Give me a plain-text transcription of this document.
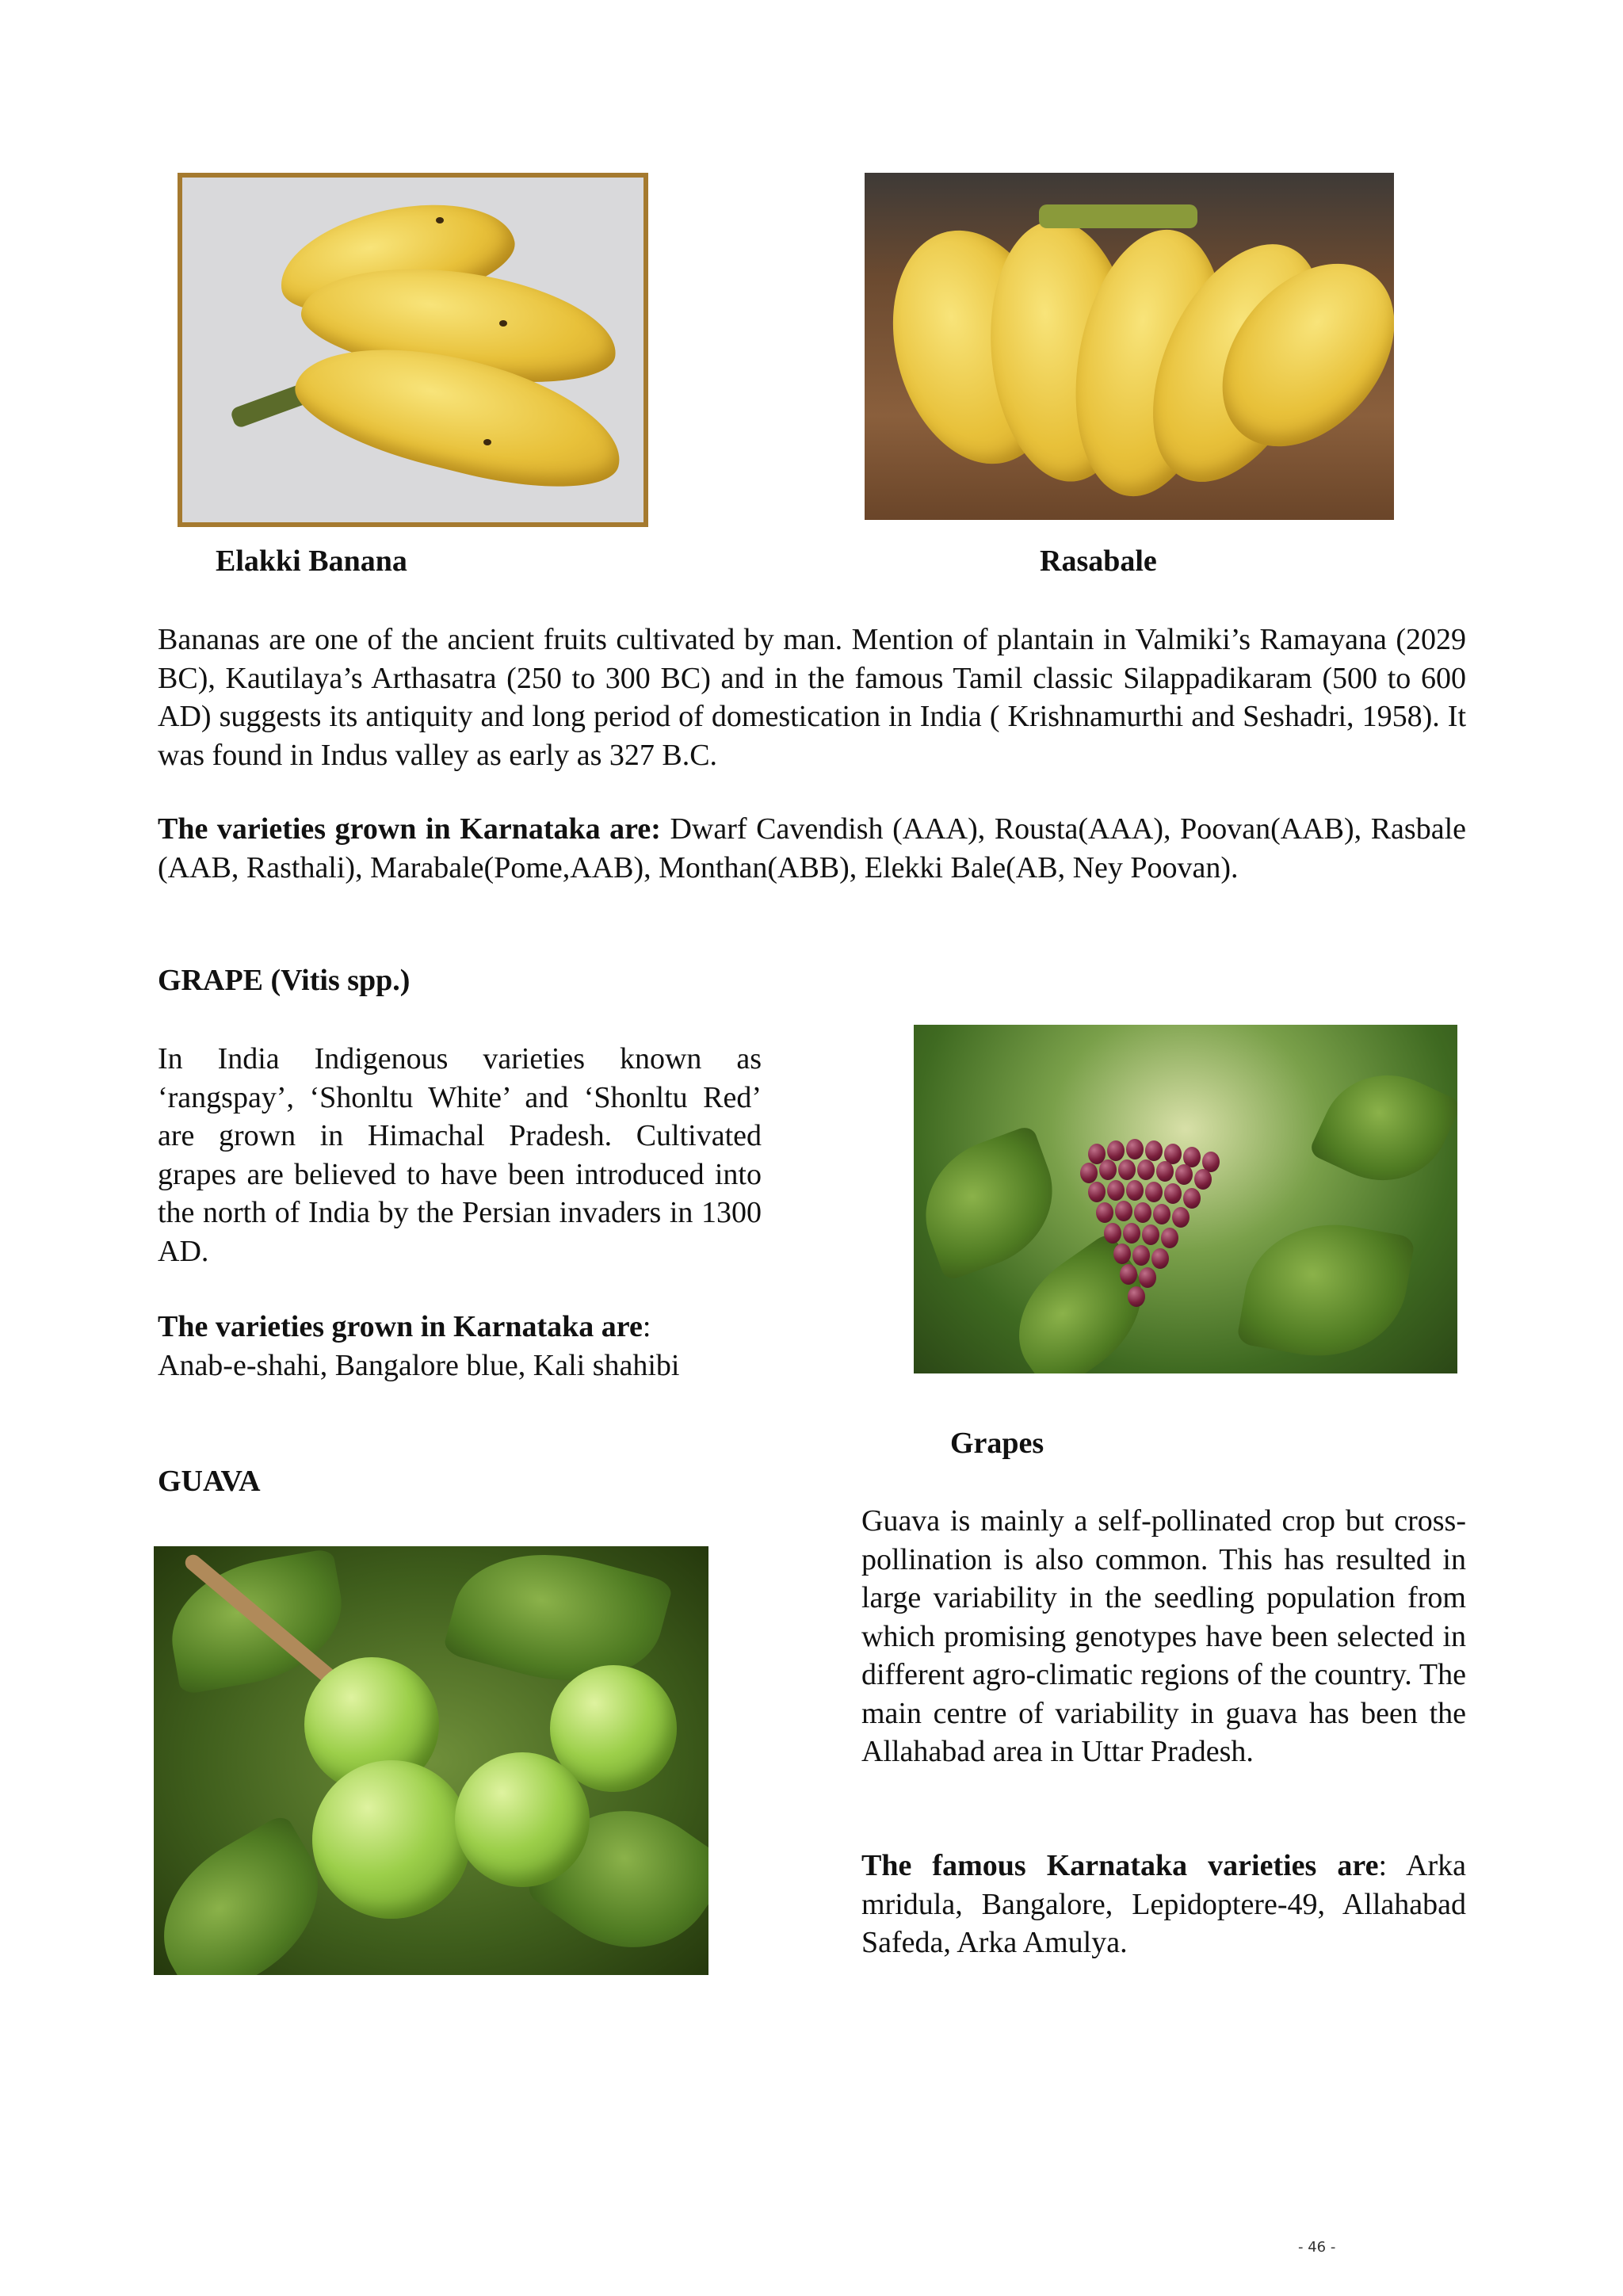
Elakki Banana	Rasabale

Bananas are one of the ancient fruits cultivated by man. Mention of plantain in Valmiki’s Ramayana (2029 BC), Kautilaya’s Arthasatra (250 to 300 BC) and in the famous Tamil classic Silappadikaram (500 to 600 AD) suggests its antiquity and long period of domestication in India ( Krishnamurthi and Seshadri, 1958). It was found in Indus valley as early as 327 B.C.

The varieties grown in Karnataka are: Dwarf Cavendish (AAA), Rousta(AAA), Poovan(AAB), Rasbale (AAB, Rasthali), Marabale(Pome,AAB), Monthan(ABB), Elekki Bale(AB, Ney Poovan).

GRAPE (Vitis spp.)

In India Indigenous varieties known as ‘rangspay’, ‘Shonltu White’ and ‘Shonltu Red’ are grown in Himachal Pradesh. Cultivated grapes are believed to have been introduced into the north of India by the Persian invaders in 1300 AD.

The varieties grown in Karnataka are:
Anab-e-shahi, Bangalore blue, Kali shahibi

Grapes
GUAVA

Guava is mainly a self-pollinated crop but cross-pollination is also common. This has resulted in large variability in the seedling population from which promising genotypes have been selected in different agro-climatic regions of the country. The main centre of variability in guava has been the Allahabad area in Uttar Pradesh.

The famous Karnataka varieties are: Arka mridula, Bangalore, Lepidoptere-49, Allahabad Safeda, Arka Amulya.

- 46 -
